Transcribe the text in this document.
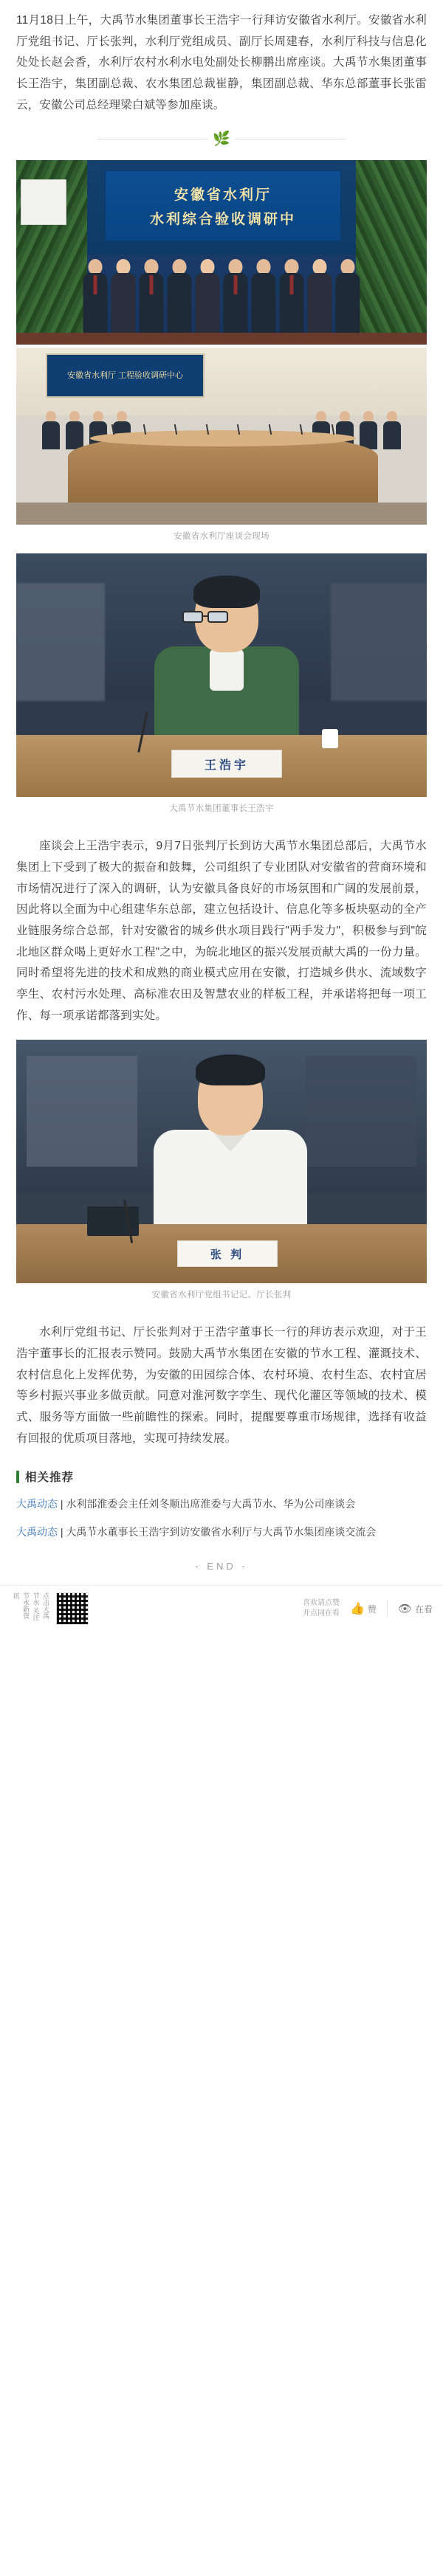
11月18日上午，大禹节水集团董事长王浩宇一行拜访安徽省水利厅。安徽省水利厅党组书记、厅长张判，水利厅党组成员、副厅长周建春，水利厅科技与信息化处处长赵会香，水利厅农村水利水电处副处长柳鹏出席座谈。大禹节水集团董事长王浩宇，集团副总裁、农水集团总裁崔静，集团副总裁、华东总部董事长张雷云，安徽公司总经理梁白斌等参加座谈。

🌿
安徽省水利厅
水利综合验收调研中
安徽省水利厅 工程验收调研中心
安徽省水利厅座谈会现场
王浩宇
大禹节水集团董事长王浩宇

座谈会上王浩宇表示，9月7日张判厅长到访大禹节水集团总部后，大禹节水集团上下受到了极大的振奋和鼓舞，公司组织了专业团队对安徽省的营商环境和市场情况进行了深入的调研，认为安徽具备良好的市场氛围和广阔的发展前景，因此将以全面为中心组建华东总部，建立包括设计、信息化等多板块驱动的全产业链服务综合总部，针对安徽省的城乡供水项目践行"两手发力"，积极参与到"皖北地区群众喝上更好水工程"之中，为皖北地区的振兴发展贡献大禹的一份力量。同时希望将先进的技术和成熟的商业模式应用在安徽，打造城乡供水、流域数字孪生、农村污水处理、高标准农田及智慧农业的样板工程，并承诺将把每一项工作、每一项承诺都落到实处。

张 判
安徽省水利厅党组书记记、厅长张判

水利厅党组书记、厅长张判对于王浩宇董事长一行的拜访表示欢迎，对于王浩宇董事长的汇报表示赞同。鼓励大禹节水集团在安徽的节水工程、灌溉技术、农村信息化上发挥优势，为安徽的田园综合体、农村环境、农村生态、农村宜居等乡村振兴事业多做贡献。同意对淮河数字孪生、现代化灌区等领域的技术、模式、服务等方面做一些前瞻性的探索。同时，提醒要尊重市场规律，选择有收益有回报的优质项目落地，实现可持续发展。

相关推荐
大禹动态 | 水利部淮委会主任刘冬顺出席淮委与大禹节水、华为公司座谈会
大禹动态 | 大禹节水董事长王浩宇到访安徽省水利厅与大禹节水集团座谈交流会
- END -
点击大禹节水 关注节水新资讯
喜欢请点赞
开点同在看 👍 赞 👁 在看
